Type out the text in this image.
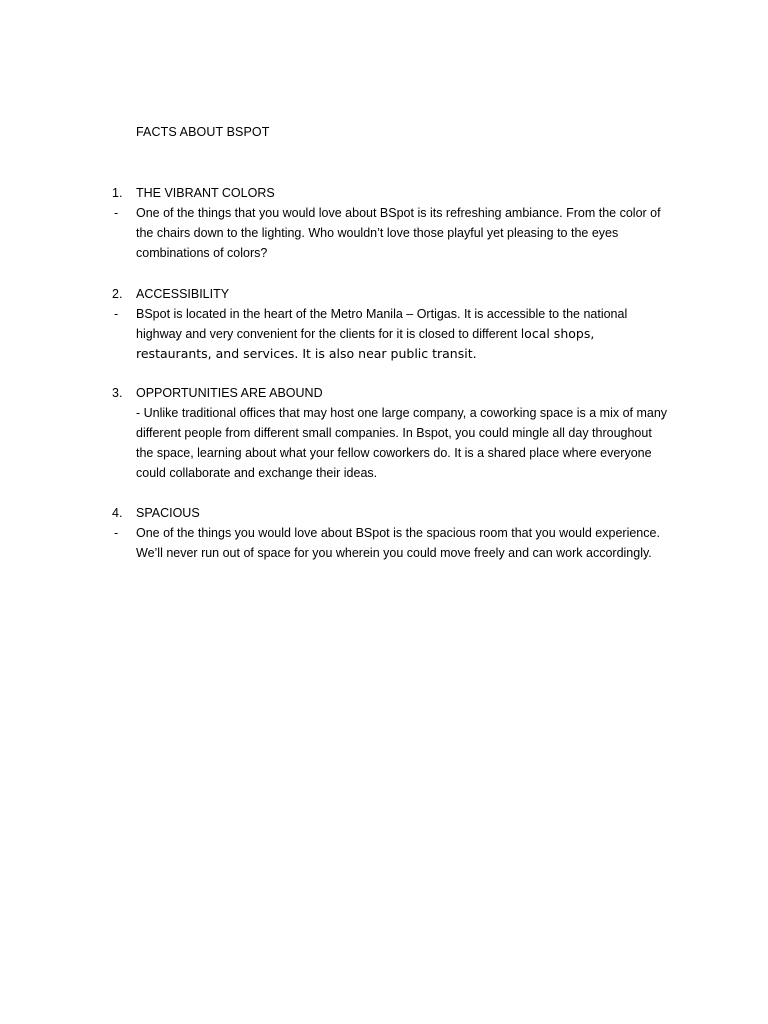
FACTS ABOUT BSPOT
1. THE VIBRANT COLORS
- One of the things that you would love about BSpot is its refreshing ambiance. From the color of
the chairs down to the lighting. Who wouldn’t love those playful yet pleasing to the eyes
combinations of colors?
2. ACCESSIBILITY
- BSpot is located in the heart of the Metro Manila – Ortigas. It is accessible to the national
highway and very convenient for the clients for it is closed to different local shops,
restaurants, and services. It is also near public transit.
3. OPPORTUNITIES ARE ABOUND
- Unlike traditional offices that may host one large company, a coworking space is a mix of many
different people from different small companies. In Bspot, you could mingle all day throughout
the space, learning about what your fellow coworkers do. It is a shared place where everyone
could collaborate and exchange their ideas.
4. SPACIOUS
- One of the things you would love about BSpot is the spacious room that you would experience.
We’ll never run out of space for you wherein you could move freely and can work accordingly.
